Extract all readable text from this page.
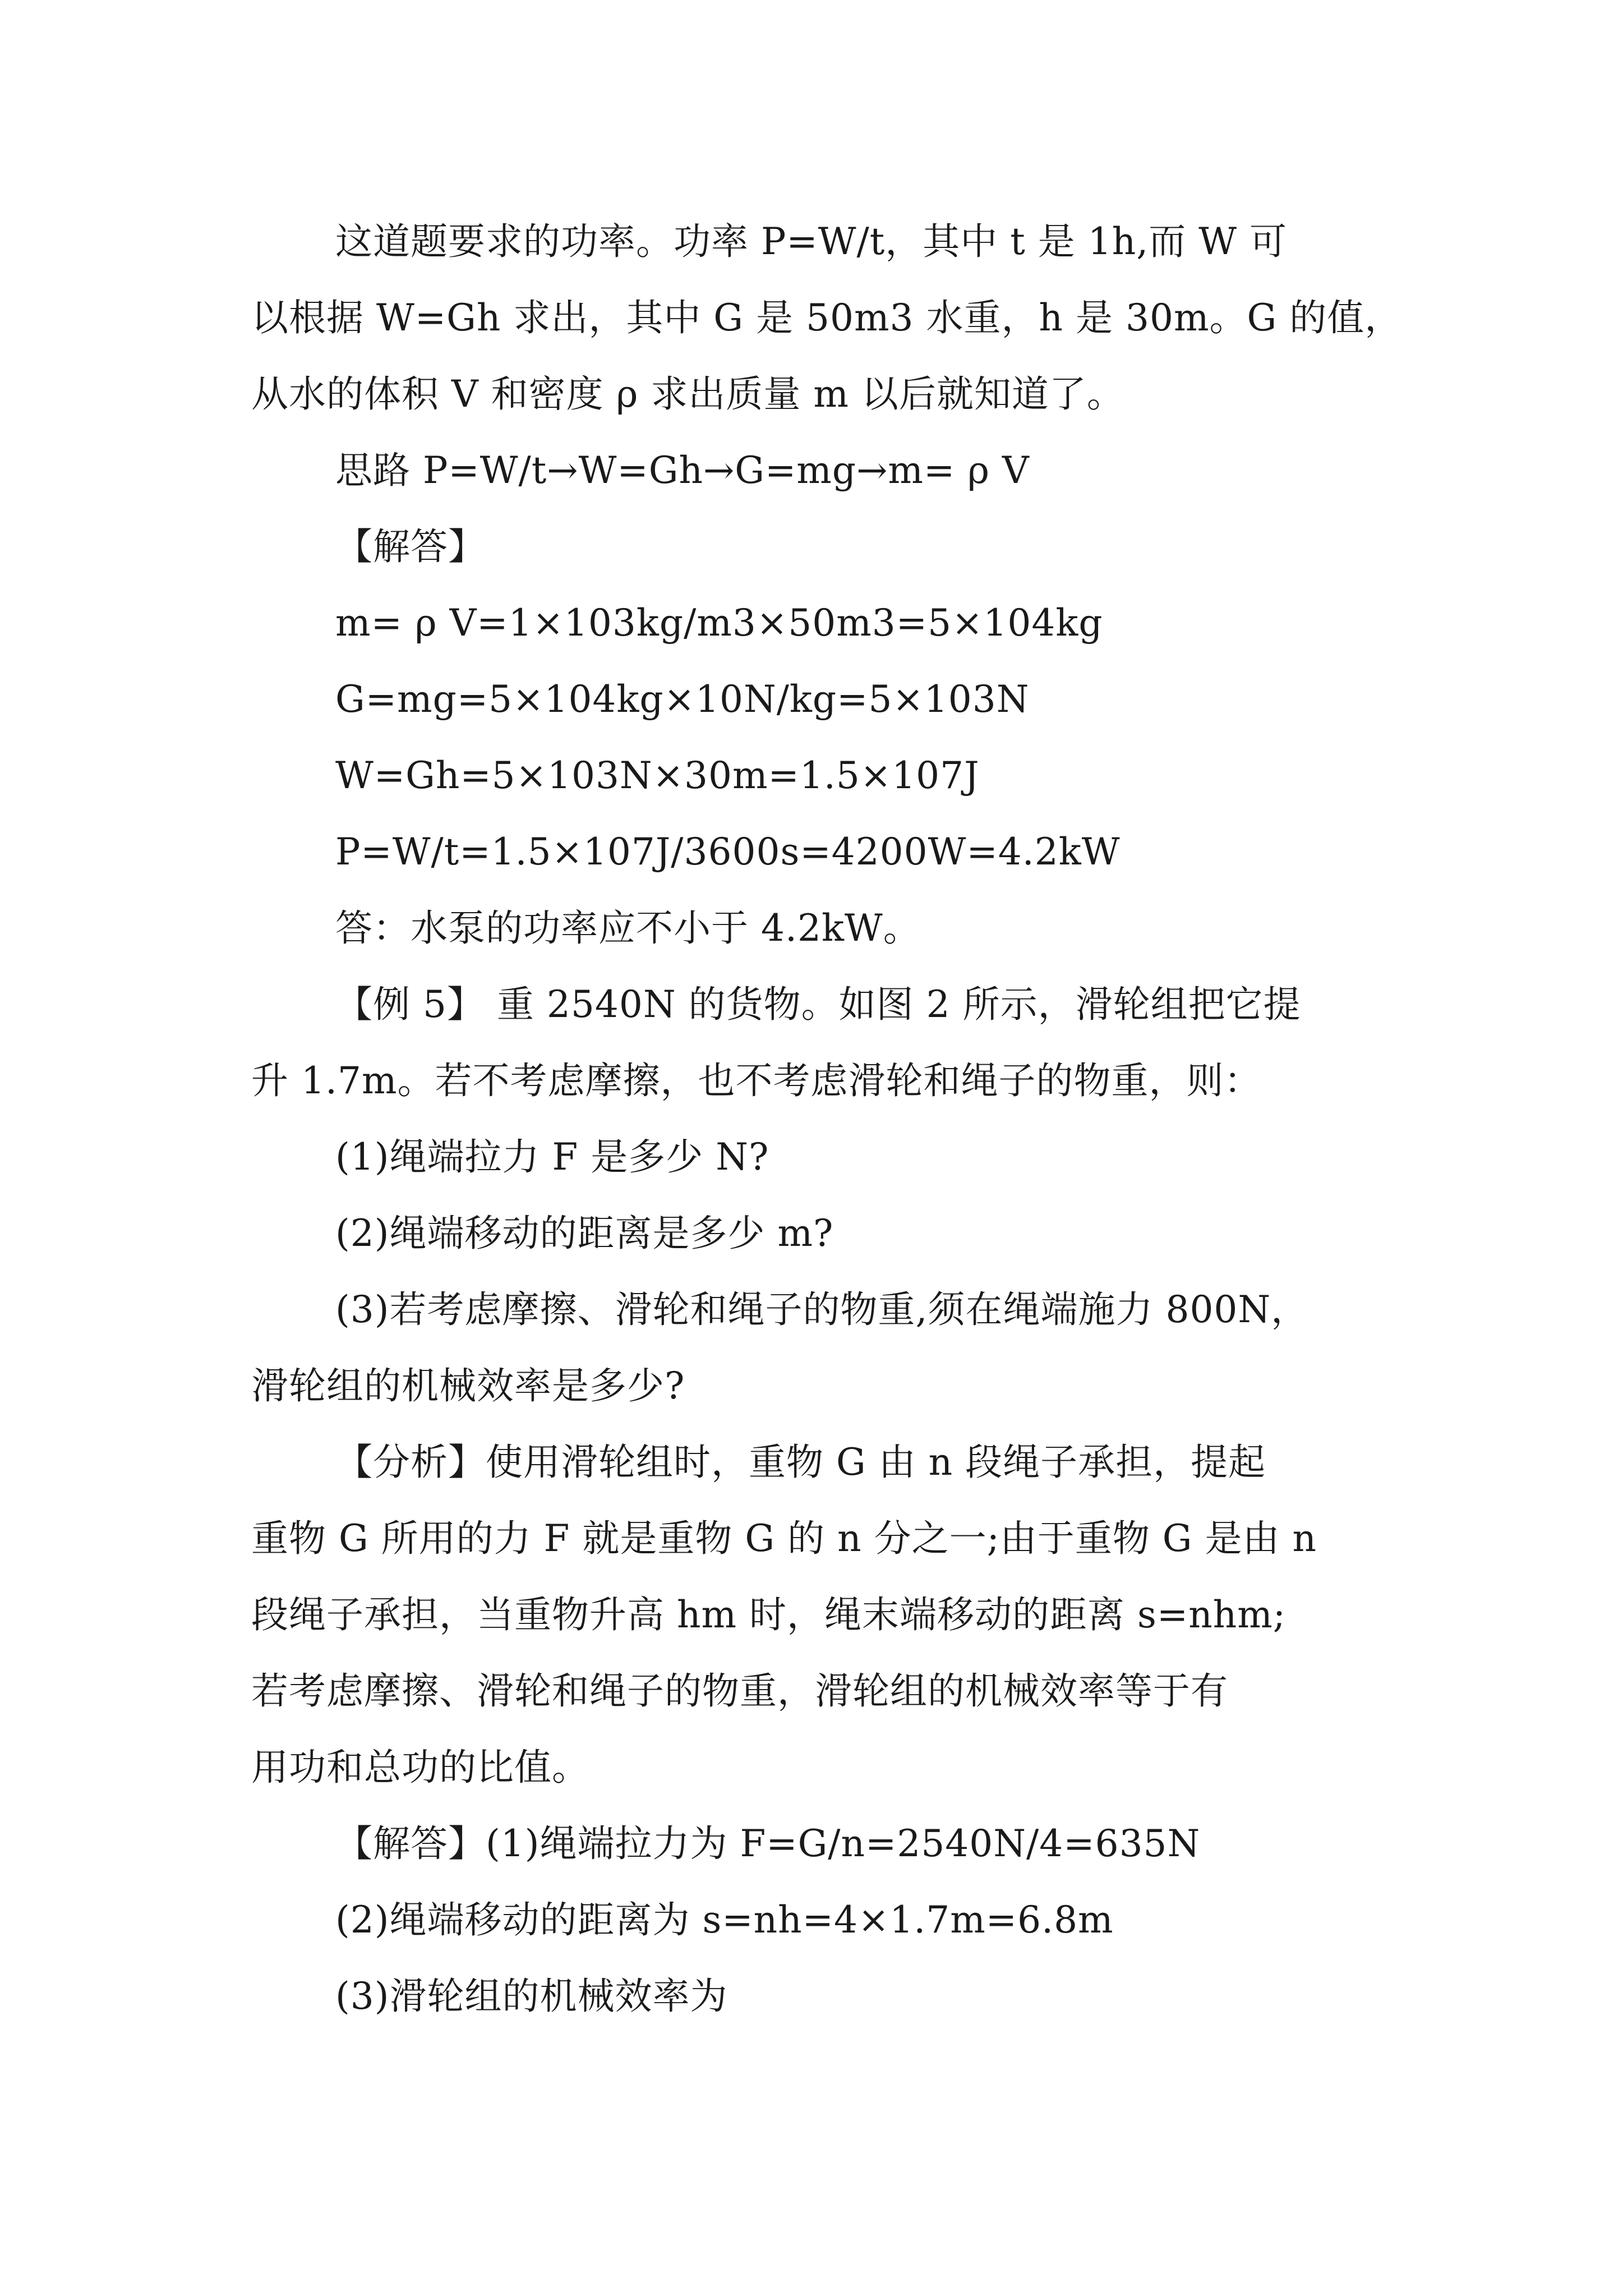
这道题要求的功率。功率 P=W/t，其中 t 是 1h,而 W 可
以根据 W=Gh 求出，其中 G 是 50m3 水重，h 是 30m。G 的值，
从水的体积 V 和密度 ρ 求出质量 m 以后就知道了。
思路 P=W/t→W=Gh→G=mg→m= ρ V
【解答】
m= ρ V=1×103kg/m3×50m3=5×104kg
G=mg=5×104kg×10N/kg=5×103N
W=Gh=5×103N×30m=1.5×107J
P=W/t=1.5×107J/3600s=4200W=4.2kW
答：水泵的功率应不小于 4.2kW。
【例 5】 重 2540N 的货物。如图 2 所示，滑轮组把它提
升 1.7m。若不考虑摩擦，也不考虑滑轮和绳子的物重，则：
(1)绳端拉力 F 是多少 N?
(2)绳端移动的距离是多少 m?
(3)若考虑摩擦、滑轮和绳子的物重,须在绳端施力 800N，
滑轮组的机械效率是多少?
【分析】使用滑轮组时，重物 G 由 n 段绳子承担，提起
重物 G 所用的力 F 就是重物 G 的 n 分之一;由于重物 G 是由 n
段绳子承担，当重物升高 hm 时，绳末端移动的距离 s=nhm;
若考虑摩擦、滑轮和绳子的物重，滑轮组的机械效率等于有
用功和总功的比值。
【解答】(1)绳端拉力为 F=G/n=2540N/4=635N
(2)绳端移动的距离为 s=nh=4×1.7m=6.8m
(3)滑轮组的机械效率为
